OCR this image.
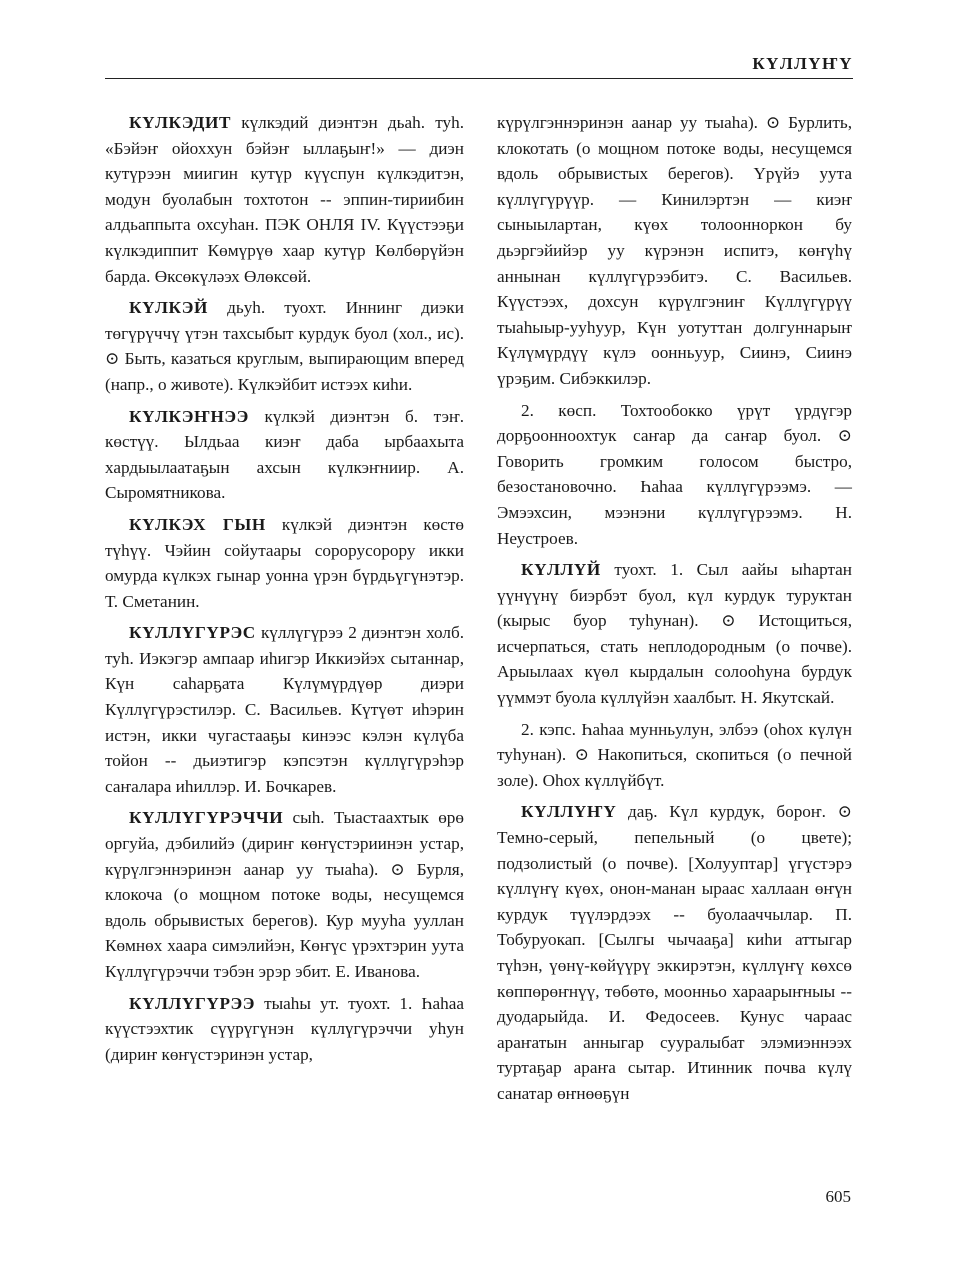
КҮЛЛҮҤҮ

КҮЛКЭДИТ күлкэдий диэнтэн дьаһ. туһ. «Бэйэҥ ойоххун бэйэҥ ыллаҕыҥ!» — диэн кутүрээн миигин кутүр күүспун күлкэдитэн, модун буолабын тохтотон -- эппин-тириибин алдьаппыта охсуһан. ПЭК ОНЛЯ IV. Күүстээҕи күлкэдиппит Көмүрүө хаар кутүр Көлбөрүйэн барда. Өксөкүләэх Өлөксөй.

КҮЛКЭЙ дьуһ. туохт. Иннинг диэки төгүрүччү үтэн тахсыбыт курдук буол (хол., ис). ⊙ Быть, казаться круглым, выпирающим вперед (напр., о животе). Күлкэйбит истээх киһи.

КҮЛКЭҤНЭЭ күлкэй диэнтэн б. тэҥ. көстүү. Ылдьаа киэҥ даба ырбаахыта хардыылаатаҕын ахсын күлкэҥниир. А. Сыромятникова.

КҮЛКЭХ ГЫН күлкэй диэнтэн көстө түһүү. Чэйин сойутаары сорорусорору икки омурда күлкэх гынар уонна үрэн бүрдьүгүнэтэр. Т. Сметанин.

КҮЛЛҮГҮРЭС күллүгүрээ 2 диэнтэн холб. туһ. Иэкэгэр ампаар иһигэр Иккиэйэх сытаннар, Күн саһарҕата Күлүмүрдүөр диэри Күллүгүрэстилэр. С. Васильев. Күтүөт иһэрин истэн, икки чугастааҕы кинээс кэлэн күлүба тойон -- дьиэтигэр кэпсэтэн күллүгүрэһэр саҥалара иһиллэр. И. Бочкарев.

КҮЛЛҮГҮРЭЧЧИ сыһ. Тыастаахтык өрө оргуйа, дэбилийэ (дириҥ көҥүстэриинэн устар, күрүлгэннэринэн аанар уу тыаһа). ⊙ Бурля, клокоча (о мощном потоке воды, несущемся вдоль обрывистых берегов). Кур мууһа ууллан Көмнөх хаара симэлийэн, Көҥүс үрэхтэрин уута Күллүгүрэччи тэбэн эрэр эбит. Е. Иванова.

КҮЛЛҮГҮРЭЭ тыаһы ут. туохт. 1. Һаһаа күүстээхтик сүүрүгүнэн күллүгүрэччи уһун (дириҥ көҥүстэринэн устар,

күрүлгэннэринэн аанар уу тыаһа). ⊙ Бурлить, клокотать (о мощном потоке воды, несущемся вдоль обрывистых берегов). Үрүйэ уута күллүгүрүүр. — Кинилэртэн — киэҥ сыныылартан, күөх толоонноркон бу дьэргэйийэр уу күрэнэн испитэ, көҥүһү аннынан күллүгүрээбитэ. С. Васильев. Күүстээх, дохсун күрүлгэниҥ Күллүгүрүү тыаһыыр-ууһуур, Күн уотуттан долгуннарыҥ Күлүмүрдүү күлэ оонньуур, Сиинэ, Сиинэ үрэҕим. Сибэккилэр.

2. көсп. Тохтообокко үрүт үрдүгэр дорҕоонноохтук саҥар да саҥар буол. ⊙ Говорить громким голосом быстро, безостановочно. Һаһаа күллүгүрээмэ. — Эмээхсин, мээнэни күллүгүрээмэ. Н. Неустроев.

КҮЛЛҮЙ туохт. 1. Сыл аайы ыһартан үүнүүнү биэрбэт буол, күл курдук туруктан (кырыс буор туһунан). ⊙ Истощиться, исчерпаться, стать неплодородным (о почве). Арыылаах күөл кырдалын солооһуна бурдук үүммэт буола күллүйэн хаалбыт. Н. Якутскай.

2. кэпс. Һаһаа мунньулун, элбээ (оһох күлүн туһунан). ⊙ Накопиться, скопиться (о печной золе). Оһох күллүйбүт.

КҮЛЛҮҤҮ даҕ. Күл курдук, бороҥ. ⊙ Темно-серый, пепельный (о цвете); подзолистый (о почве). [Холууптар] үгүстэрэ күллүҥү күөх, онон-манан ыраас халлаан өҥүн курдук түүлэрдээх -- буолааччылар. П. Тобуруокап. [Сылгы чычааҕа] киһи аттыгар түһэн, үөнү-көйүүрү эккирэтэн, күллүҥү көхсө көппөрөҥнүү, төбөтө, моонньо хараарыҥныы -- дуодарыйда. И. Федосеев. Кунус чараас араҥатын анныгар сууралыбат элэмиэннээх туртаҕар араҥа сытар. Итинник почва күлү санатар өҥнөөҕүн

605
